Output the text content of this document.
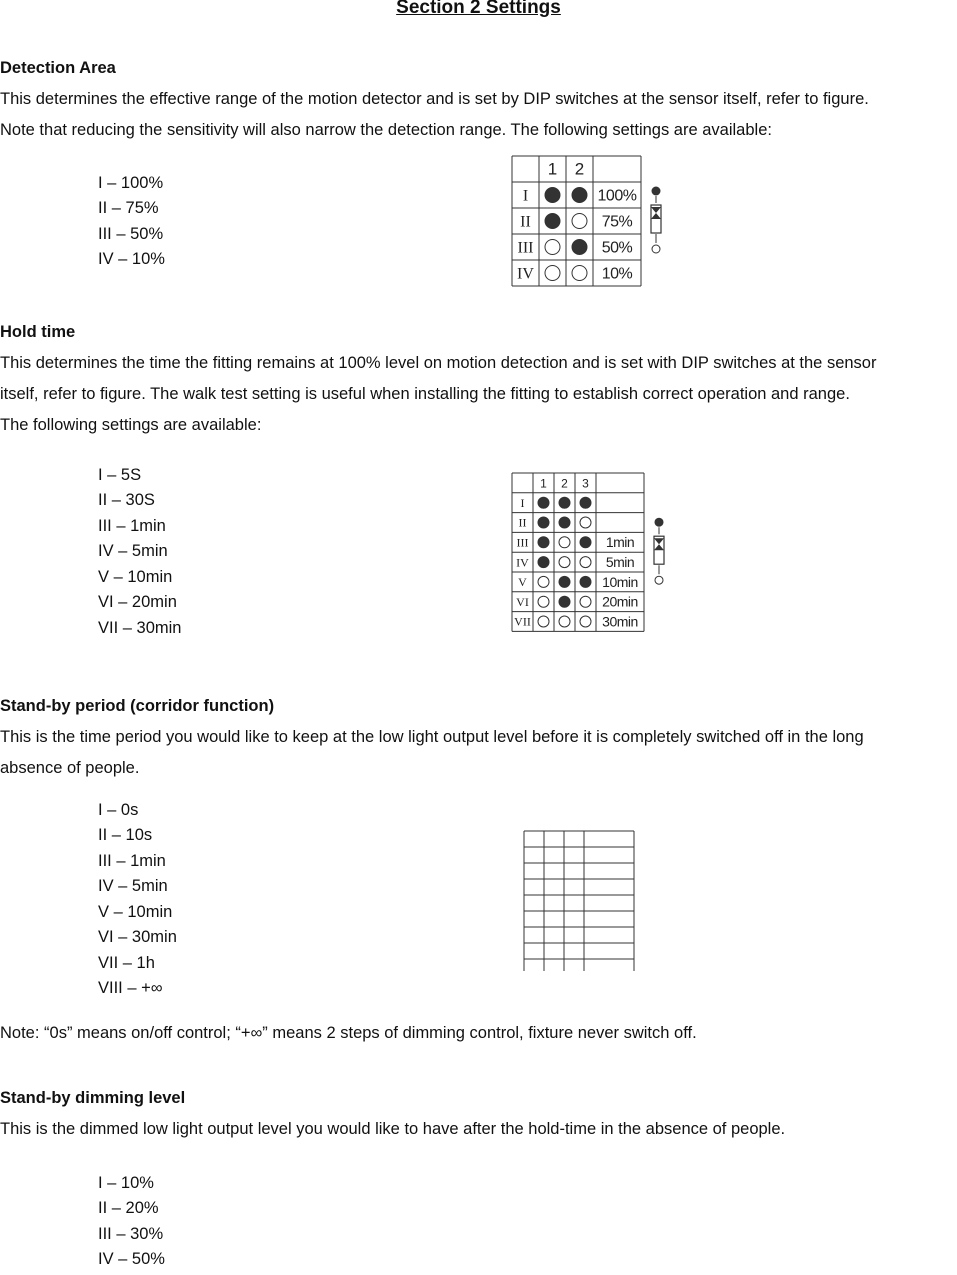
Section 2 Settings
Detection Area
This determines the effective range of the motion detector and is set by DIP switches at the sensor itself, refer to figure.
Note that reducing the sensitivity will also narrow the detection range. The following settings are available:
I – 100%
II – 75%
III – 50%
IV – 10%
1 2
I	100%
II	75%
III	50%
IV	10%
Hold time
This determines the time the fitting remains at 100% level on motion detection and is set with DIP switches at the sensor
itself, refer to figure. The walk test setting is useful when installing the fitting to establish correct operation and range.
The following settings are available:
I – 5S
II – 30S
III – 1min
IV – 5min
V – 10min
VI – 20min
VII – 30min
1 2 3
I
II
III	1min
IV	5min
V	10min
VI	20min
VII	30min
Stand-by period (corridor function)
This is the time period you would like to keep at the low light output level before it is completely switched off in the long
absence of people.
I – 0s
II – 10s
III – 1min
IV – 5min
V – 10min
VI – 30min
VII – 1h
VIII – +∞
Note: “0s” means on/off control; “+∞” means 2 steps of dimming control, fixture never switch off.
Stand-by dimming level
This is the dimmed low light output level you would like to have after the hold-time in the absence of people.
I – 10%
II – 20%
III – 30%
IV – 50%
